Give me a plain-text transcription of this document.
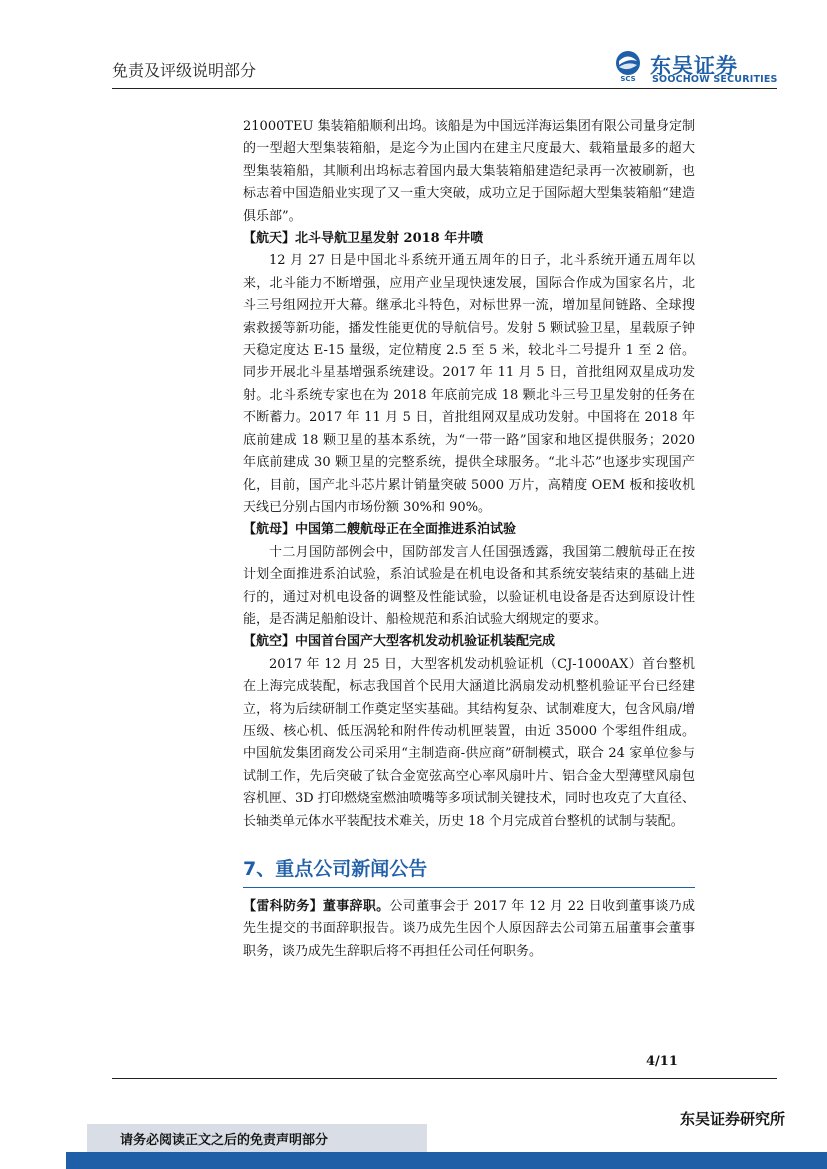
免责及评级说明部分	SCS
东吴证券
SOOCHOW SECURITIES

21000TEU 集装箱船顺利出坞。该船是为中国远洋海运集团有限公司量身定制的一型超大型集装箱船，是迄今为止国内在建主尺度最大、载箱量最多的超大型集装箱船，其顺利出坞标志着国内最大集装箱船建造纪录再一次被刷新，也标志着中国造船业实现了又一重大突破，成功立足于国际超大型集装箱船“建造俱乐部”。

【航天】北斗导航卫星发射 2018 年井喷

12 月 27 日是中国北斗系统开通五周年的日子，北斗系统开通五周年以来，北斗能力不断增强，应用产业呈现快速发展，国际合作成为国家名片，北斗三号组网拉开大幕。继承北斗特色，对标世界一流，增加星间链路、全球搜索救援等新功能，播发性能更优的导航信号。发射 5 颗试验卫星，星载原子钟天稳定度达 E-15 量级，定位精度 2.5 至 5 米，较北斗二号提升 1 至 2 倍。同步开展北斗星基增强系统建设。2017 年 11 月 5 日，首批组网双星成功发射。北斗系统专家也在为 2018 年底前完成 18 颗北斗三号卫星发射的任务在不断蓄力。2017 年 11 月 5 日，首批组网双星成功发射。中国将在 2018 年底前建成 18 颗卫星的基本系统，为“一带一路”国家和地区提供服务；2020 年底前建成 30 颗卫星的完整系统，提供全球服务。“北斗芯”也逐步实现国产化，目前，国产北斗芯片累计销量突破 5000 万片，高精度 OEM 板和接收机天线已分别占国内市场份额 30%和 90%。

【航母】中国第二艘航母正在全面推进系泊试验

十二月国防部例会中，国防部发言人任国强透露，我国第二艘航母正在按计划全面推进系泊试验，系泊试验是在机电设备和其系统安装结束的基础上进行的，通过对机电设备的调整及性能试验，以验证机电设备是否达到原设计性能，是否满足船舶设计、船检规范和系泊试验大纲规定的要求。

【航空】中国首台国产大型客机发动机验证机装配完成

2017 年 12 月 25 日，大型客机发动机验证机（CJ-1000AX）首台整机在上海完成装配，标志我国首个民用大涵道比涡扇发动机整机验证平台已经建立，将为后续研制工作奠定坚实基础。其结构复杂、试制难度大，包含风扇/增压级、核心机、低压涡轮和附件传动机匣装置，由近 35000 个零组件组成。中国航发集团商发公司采用“主制造商-供应商”研制模式，联合 24 家单位参与试制工作，先后突破了钛合金宽弦高空心率风扇叶片、铝合金大型薄壁风扇包容机匣、3D 打印燃烧室燃油喷嘴等多项试制关键技术，同时也攻克了大直径、长轴类单元体水平装配技术难关，历史 18 个月完成首台整机的试制与装配。

7、重点公司新闻公告

【雷科防务】董事辞职。公司董事会于 2017 年 12 月 22 日收到董事谈乃成先生提交的书面辞职报告。谈乃成先生因个人原因辞去公司第五届董事会董事职务，谈乃成先生辞职后将不再担任公司任何职务。

4/11
东吴证券研究所
请务必阅读正文之后的免责声明部分
